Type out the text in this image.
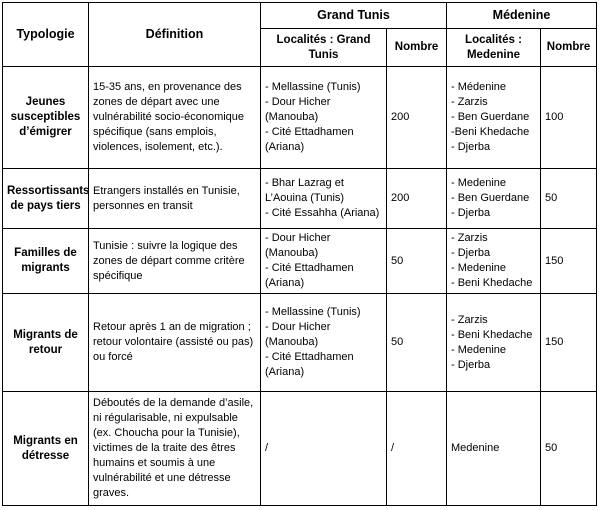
Typologie	Définition	Grand Tunis		Médenine	
		Localités : Grand Tunis	Nombre	Localités : Medenine	Nombre
Jeunes susceptibles d’émigrer	15-35 ans, en provenance des zones de départ avec une vulnérabilité socio-économique spécifique (sans emplois, violences, isolement, etc.).	- Mellassine (Tunis)
- Dour Hicher (Manouba)
- Cité Ettadhamen (Ariana)	200	- Médenine
- Zarzis
- Ben Guerdane
-Beni Khedache
- Djerba	100
Ressortissants de pays tiers	Etrangers installés en Tunisie, personnes en transit	- Bhar Lazrag et L’Aouina (Tunis)
- Cité Essahha (Ariana)	200	- Medenine
- Ben Guerdane
- Djerba	50
Familles de migrants	Tunisie : suivre la logique des zones de départ comme critère spécifique	- Dour Hicher (Manouba)
- Cité Ettadhamen (Ariana)	50	- Zarzis
- Djerba
- Medenine
- Beni Khedache	150
Migrants de retour	Retour après 1 an de migration ; retour volontaire (assisté ou pas) ou forcé	- Mellassine (Tunis)
- Dour Hicher (Manouba)
- Cité Ettadhamen (Ariana)	50	- Zarzis
- Beni Khedache
- Medenine
- Djerba	150
Migrants en détresse	Déboutés de la demande d’asile, ni régularisable, ni expulsable (ex. Choucha pour la Tunisie), victimes de la traite des êtres humains et soumis à une vulnérabilité et une détresse graves.	/	/	Medenine	50
